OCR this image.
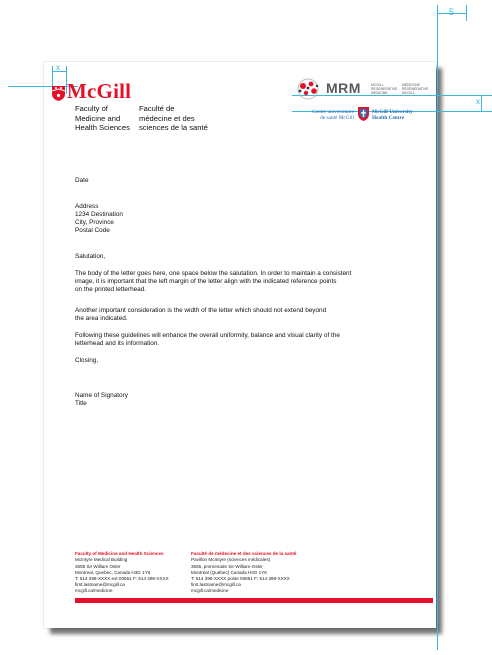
5
x
x
McGill
Faculty of
Medicine and
Health Sciences
Faculté de
médecine et des
sciences de la santé
MRM	MCGILL
REGENERATIVE
MEDICINE
MÉDECINE
RÉGÉNÉRATIVE
MCGILL
Centre universitaire
de santé McGill
McGill University
Health Centre
Date
Address
1234 Destination
City, Province
Postal Code
Salutation,
The body of the letter goes here, one space below the salutation. In order to maintain a consistent
image, it is important that the left margin of the letter align with the indicated reference points
on the printed letterhead.
Another important consideration is the width of the letter which should not extend beyond
the area indicated.
Following these guidelines will enhance the overall uniformity, balance and visual clarity of the
letterhead and its information.
Closing,
Name of Signatory
Title

Faculty of Medicine and Health Sciences

McIntyre Medical Building
3655 Sir William Osler
Montreal, Quebec, Canada H3G 1Y6
T: 514 398-XXXX ext 00851 F: 514 398-XXXX
first.lastname@mcgill.ca
mcgill.ca/medicine

Faculté de médecine et des sciences de la santé

Pavillon McIntyre (sciences médicales)
3655, promenade Sir-William-Osler
Montréal (Québec) Canada H3G 1Y6
T: 514 398-XXXX poste 00851 F: 514 398-XXXX
first.lastname@mcgill.ca
mcgill.ca/medicine
